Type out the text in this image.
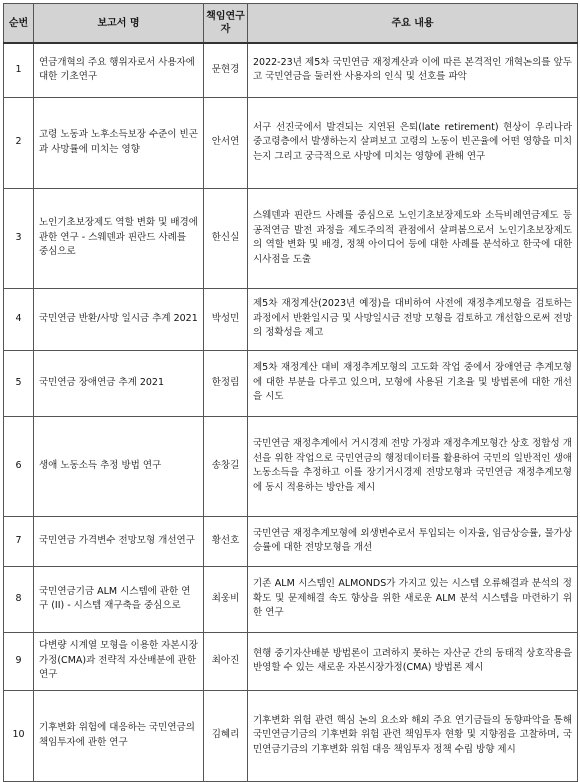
순번	보고서 명	책임연구자	주요 내용
1	연금개혁의 주요 행위자로서 사용자에 대한 기초연구	문현경	2022-23년 제5차 국민연금 재정계산과 이에 따른 본격적인 개혁논의를 앞두고 국민연금을 둘러싼 사용자의 인식 및 선호를 파악
2	고령 노동과 노후소득보장 수준이 빈곤과 사망률에 미치는 영향	안서연	서구 선진국에서 발견되는 지연된 은퇴(late retirement) 현상이 우리나라 중고령층에서 발생하는지 살펴보고 고령의 노동이 빈곤율에 어떤 영향을 미치는지 그리고 궁극적으로 사망에 미치는 영향에 관해 연구
3	노인기초보장제도 역할 변화 및 배경에 관한 연구 - 스웨덴과 핀란드 사례를 중심으로	한신실	스웨덴과 핀란드 사례를 중심으로 노인기초보장제도와 소득비례연금제도 등 공적연금 발전 과정을 제도주의적 관점에서 살펴봄으로서 노인기초보장제도의 역할 변화 및 배경, 정책 아이디어 등에 대한 사례를 분석하고 한국에 대한 시사점을 도출
4	국민연금 반환/사망 일시금 추계 2021	박성민	제5차 재정계산(2023년 예정)을 대비하여 사전에 재정추계모형을 검토하는 과정에서 반환일시금 및 사망일시금 전망 모형을 검토하고 개선함으로써 전망의 정확성을 제고
5	국민연금 장애연금 추계 2021	한정림	제5차 재정계산 대비 재정추계모형의 고도화 작업 중에서 장애연금 추계모형에 대한 부분을 다루고 있으며, 모형에 사용된 기초율 및 방법론에 대한 개선을 시도
6	생애 노동소득 추정 방법 연구	송창길	국민연금 재정추계에서 거시경제 전망 가정과 재정추계모형간 상호 정합성 개선을 위한 작업으로 국민연금의 행정데이터를 활용하여 국민의 일반적인 생애 노동소득을 추정하고 이를 장기거시경제 전망모형과 국민연금 재정추계모형에 동시 적용하는 방안을 제시
7	국민연금 가격변수 전망모형 개선연구	황선호	국민연금 재정추계모형에 외생변수로서 투입되는 이자율, 임금상승률, 물가상승률에 대한 전망모형을 개선
8	국민연금기금 ALM 시스템에 관한 연구 (II) - 시스템 재구축을 중심으로	최웅비	기존 ALM 시스템인 ALMONDS가 가지고 있는 시스템 오류해결과 분석의 정확도 및 문제해결 속도 향상을 위한 새로운 ALM 분석 시스템을 마련하기 위한 연구
9	다변량 시계열 모형을 이용한 자본시장가정(CMA)과 전략적 자산배분에 관한 연구	최아진	현행 중기자산배분 방법론이 고려하지 못하는 자산군 간의 동태적 상호작용을 반영할 수 있는 새로운 자본시장가정(CMA) 방법론 제시
10	기후변화 위험에 대응하는 국민연금의 책임투자에 관한 연구	김혜리	기후변화 위험 관련 핵심 논의 요소와 해외 주요 연기금들의 동향파악을 통해 국민연금기금의 기후변화 위험 관련 책임투자 현황 및 지향점을 고찰하며, 국민연금기금의 기후변화 위험 대응 책임투자 정책 수립 방향 제시
